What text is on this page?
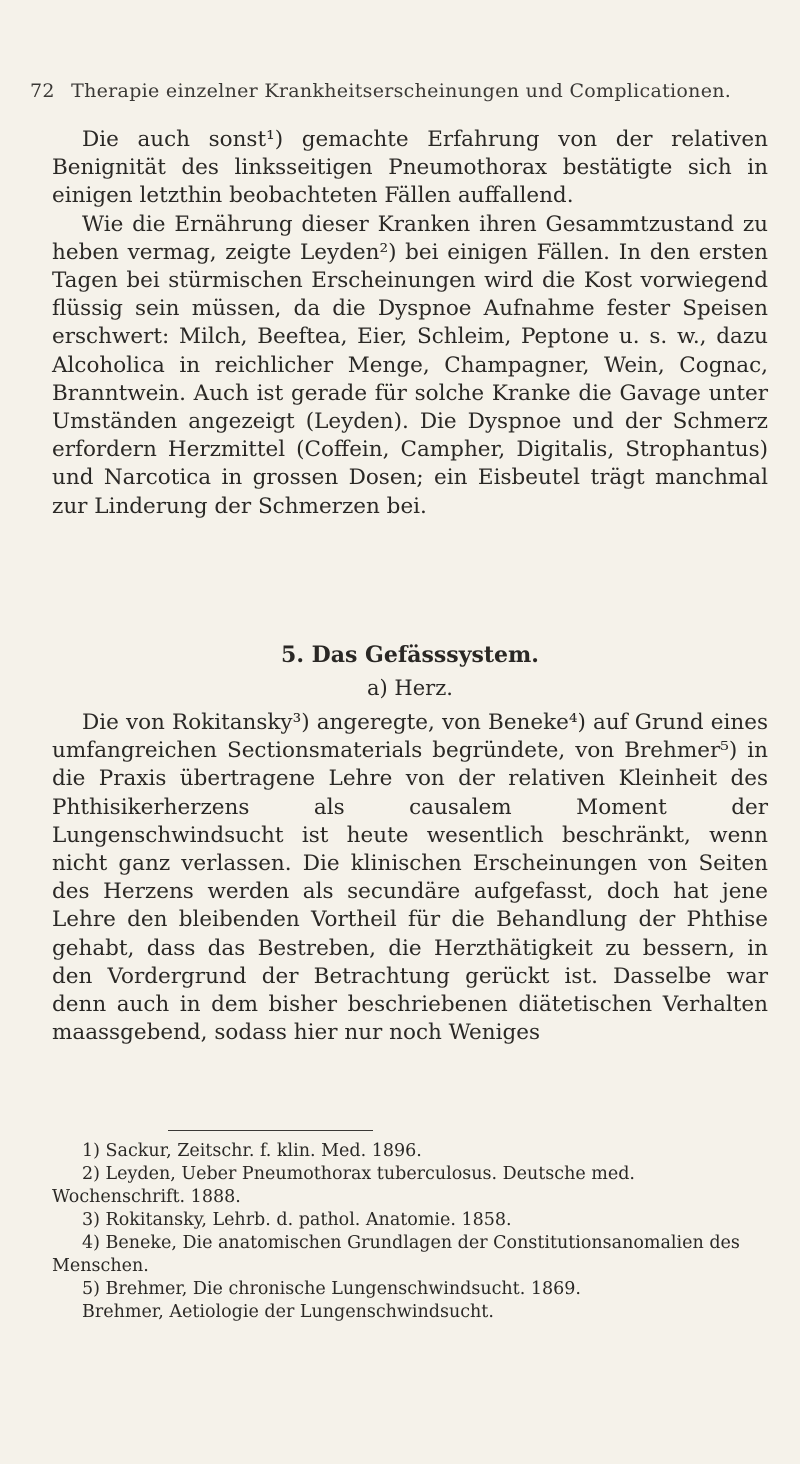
72 Therapie einzelner Krankheitserscheinungen und Complicationen.

Die auch sonst¹) gemachte Erfahrung von der relativen Benignität des linksseitigen Pneumothorax bestätigte sich in einigen letzthin beobachteten Fällen auffallend.

Wie die Ernährung dieser Kranken ihren Gesammtzustand zu heben vermag, zeigte Leyden²) bei einigen Fällen. In den ersten Tagen bei stürmischen Erscheinungen wird die Kost vorwiegend flüssig sein müssen, da die Dyspnoe Aufnahme fester Speisen erschwert: Milch, Beeftea, Eier, Schleim, Peptone u. s. w., dazu Alcoholica in reichlicher Menge, Champagner, Wein, Cognac, Branntwein. Auch ist gerade für solche Kranke die Gavage unter Umständen angezeigt (Leyden). Die Dyspnoe und der Schmerz erfordern Herzmittel (Coffein, Campher, Digitalis, Strophantus) und Narcotica in grossen Dosen; ein Eisbeutel trägt manchmal zur Linderung der Schmerzen bei.

5. Das Gefässsystem.
a) Herz.

Die von Rokitansky³) angeregte, von Beneke⁴) auf Grund eines umfangreichen Sectionsmaterials begründete, von Brehmer⁵) in die Praxis übertragene Lehre von der relativen Kleinheit des Phthisikerherzens als causalem Moment der Lungenschwindsucht ist heute wesentlich beschränkt, wenn nicht ganz verlassen. Die klinischen Erscheinungen von Seiten des Herzens werden als secundäre aufgefasst, doch hat jene Lehre den bleibenden Vortheil für die Behandlung der Phthise gehabt, dass das Bestreben, die Herzthätigkeit zu bessern, in den Vordergrund der Betrachtung gerückt ist. Dasselbe war denn auch in dem bisher beschriebenen diätetischen Verhalten maassgebend, sodass hier nur noch Weniges

1) Sackur, Zeitschr. f. klin. Med. 1896.

2) Leyden, Ueber Pneumothorax tuberculosus. Deutsche med. Wochenschrift. 1888.

3) Rokitansky, Lehrb. d. pathol. Anatomie. 1858.

4) Beneke, Die anatomischen Grundlagen der Constitutionsanomalien des Menschen.

5) Brehmer, Die chronische Lungenschwindsucht. 1869.

Brehmer, Aetiologie der Lungenschwindsucht.
